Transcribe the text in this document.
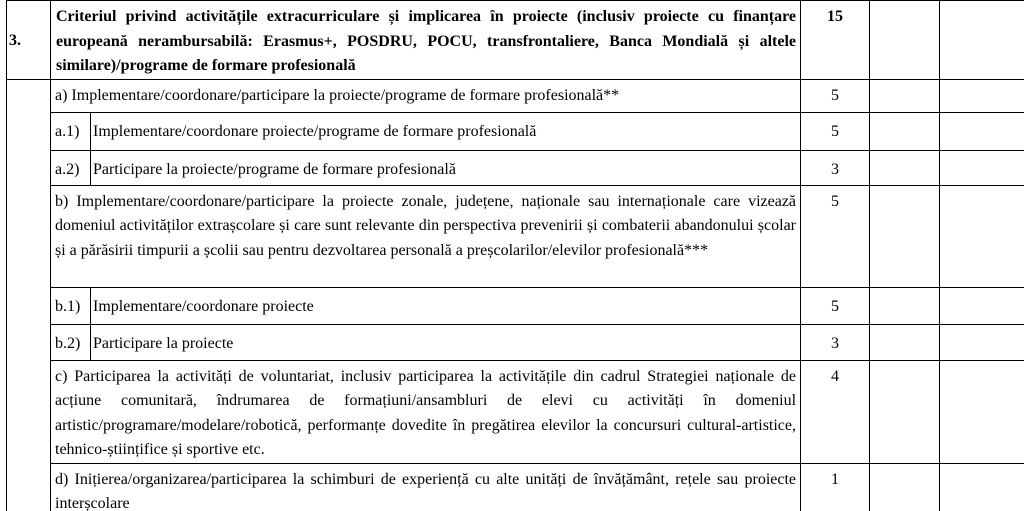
3.	Criteriul privind activitățile extracurriculare și implicarea în proiecte (inclusiv proiecte cu finanțare europeană nerambursabilă: Erasmus+, POSDRU, POCU, transfrontaliere, Banca Mondială și altele similare)/programe de formare profesională		15		
	a) Implementare/coordonare/participare la proiecte/programe de formare profesională**		5		
	a.1)	Implementare/coordonare proiecte/programe de formare profesională	5		
	a.2)	Participare la proiecte/programe de formare profesională	3		
	b) Implementare/coordonare/participare la proiecte zonale, județene, naționale sau internaționale care vizează domeniul activităților extrașcolare și care sunt relevante din perspectiva prevenirii și combaterii abandonului școlar și a părăsirii timpurii a școlii sau pentru dezvoltarea personală a preșcolarilor/elevilor profesională***		5		
	b.1)	Implementare/coordonare proiecte	5		
	b.2)	Participare la proiecte	3		
	c) Participarea la activități de voluntariat, inclusiv participarea la activitățile din cadrul Strategiei naționale de acțiune comunitară, îndrumarea de formațiuni/ansambluri de elevi cu activități în domeniul artistic/programare/modelare/robotică, performanțe dovedite în pregătirea elevilor la concursuri cultural-artistice, tehnico-științifice și sportive etc.		4		
	d) Inițierea/organizarea/participarea la schimburi de experiență cu alte unități de învățământ, rețele sau proiecte interșcolare		1		
